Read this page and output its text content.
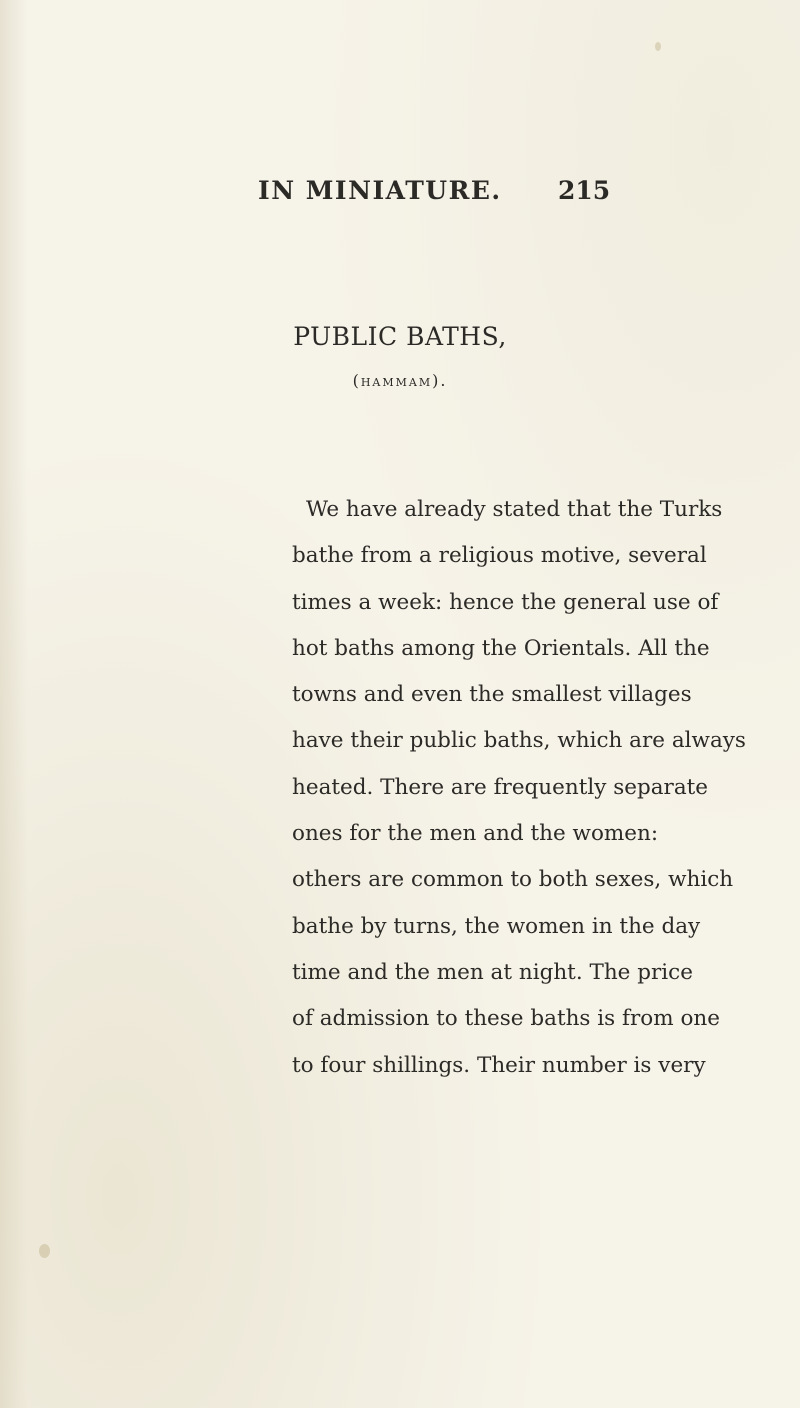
IN MINIATURE. 215
PUBLIC BATHS,
(hammam).
We have already stated that the Turks
bathe from a religious motive, several
times a week: hence the general use of
hot baths among the Orientals. All the
towns and even the smallest villages
have their public baths, which are always
heated. There are frequently separate
ones for the men and the women:
others are common to both sexes, which
bathe by turns, the women in the day
time and the men at night. The price
of admission to these baths is from one
to four shillings. Their number is very
